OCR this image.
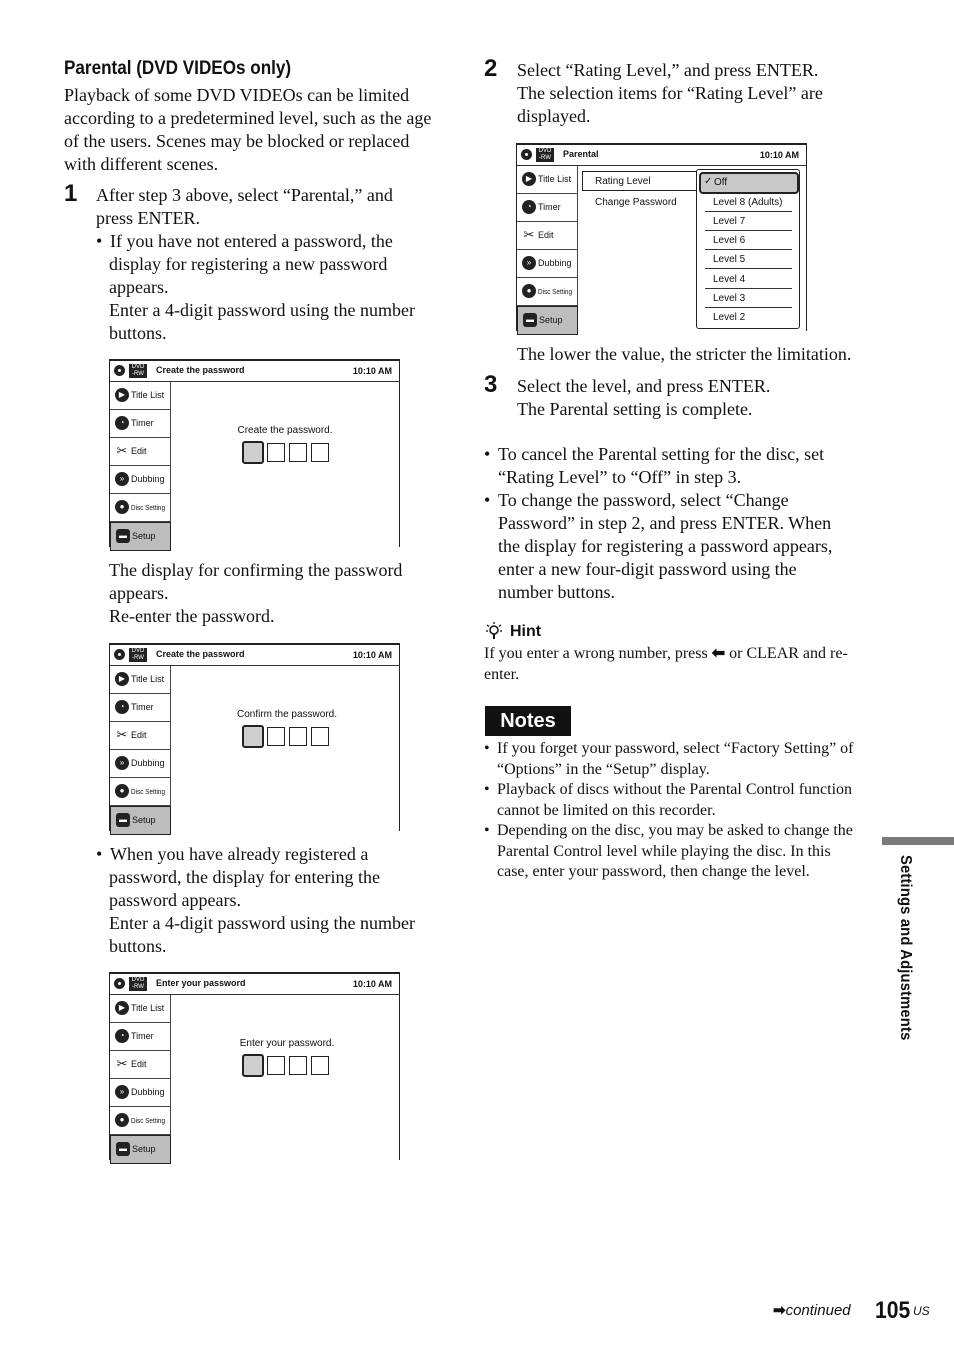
Parental (DVD VIDEOs only)
Playback of some DVD VIDEOs can be limited
according to a predetermined level, such as the age
of the users. Scenes may be blocked or replaced
with different scenes.
1 After step 3 above, select “Parental,” and
press ENTER.
• If you have not entered a password, the
display for registering a new password
appears.
Enter a 4-digit password using the number
buttons.
DVD
-RW	Create the password	10:10 AM
▶ Title List
◔ Timer
✂ Edit
» Dubbing
● Disc Setting
▬ Setup
Create the password.
The display for confirming the password
appears.
Re-enter the password.
DVD
-RW	Create the password	10:10 AM
▶ Title List
◔ Timer
✂ Edit
» Dubbing
● Disc Setting
▬ Setup
Confirm the password.
• When you have already registered a
password, the display for entering the
password appears.
Enter a 4-digit password using the number
buttons.
DVD
-RW	Enter your password	10:10 AM
▶ Title List
◔ Timer
✂ Edit
» Dubbing
● Disc Setting
▬ Setup
Enter your password.
2 Select “Rating Level,” and press ENTER.
The selection items for “Rating Level” are
displayed.
DVD
-RW	Parental	10:10 AM
▶ Title List
◔ Timer
✂ Edit
» Dubbing
● Disc Setting
▬ Setup
Rating Level
Change Password
✓ Off
Level 8 (Adults)
Level 7
Level 6
Level 5
Level 4
Level 3
Level 2
The lower the value, the stricter the limitation.
3 Select the level, and press ENTER.
The Parental setting is complete.
• To cancel the Parental setting for the disc, set
“Rating Level” to “Off” in step 3.
• To change the password, select “Change
Password” in step 2, and press ENTER. When
the display for registering a password appears,
enter a new four-digit password using the
number buttons.
Hint
If you enter a wrong number, press ⬅ or CLEAR and re-
enter.
Notes
• If you forget your password, select “Factory Setting” of
“Options” in the “Setup” display.
• Playback of discs without the Parental Control function
cannot be limited on this recorder.
• Depending on the disc, you may be asked to change the
Parental Control level while playing the disc. In this
case, enter your password, then change the level.	Settings and Adjustments
➡continued 105 US
